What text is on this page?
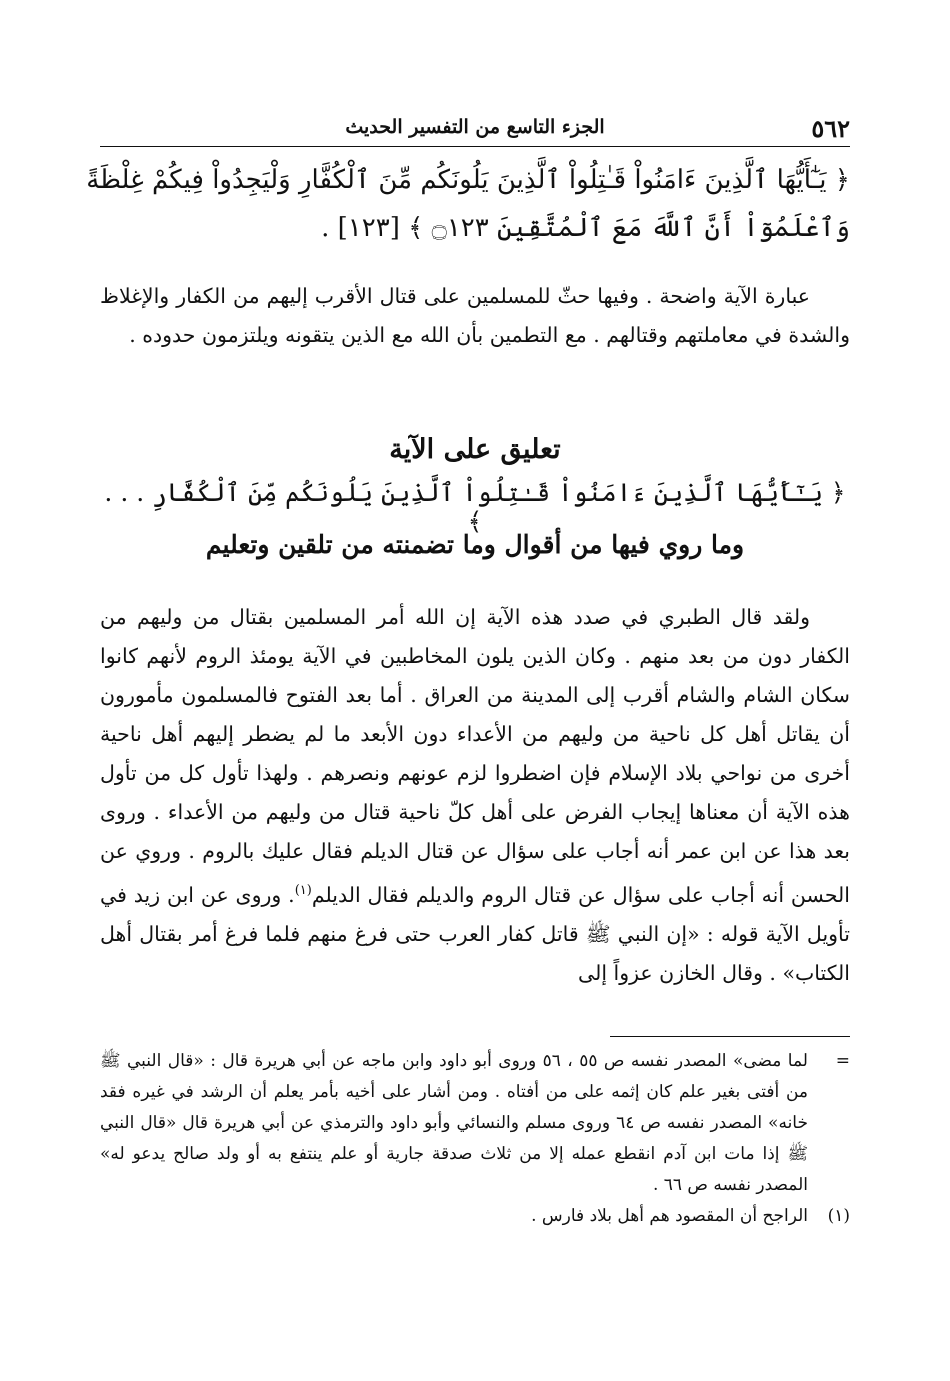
٥٦٢
الجزء التاسع من التفسير الحديث
﴿ يَـٰٓأَيُّهَا ٱلَّذِينَ ءَامَنُواْ قَـٰتِلُواْ ٱلَّذِينَ يَلُونَكُم مِّنَ ٱلْكُفَّارِ وَلْيَجِدُواْ فِيكُمْ غِلْظَةً
وَٱعْلَمُوٓاْ أَنَّ ٱللَّهَ مَعَ ٱلْمُتَّقِينَ ۝١٢٣ ﴾ [١٢٣] .
عبارة الآية واضحة . وفيها حثّ للمسلمين على قتال الأقرب إليهم من الكفار والإغلاظ والشدة في معاملتهم وقتالهم . مع التطمين بأن الله مع الذين يتقونه ويلتزمون حدوده .
تعليق على الآية
﴿ يَـٰٓأَيُّهَا ٱلَّذِينَ ءَامَنُواْ قَـٰتِلُواْ ٱلَّذِينَ يَلُونَكُم مِّنَ ٱلْكُفَّارِ . . . ﴾
وما روي فيها من أقوال وما تضمنته من تلقين وتعليم
ولقد قال الطبري في صدد هذه الآية إن الله أمر المسلمين بقتال من وليهم من الكفار دون من بعد منهم . وكان الذين يلون المخاطبين في الآية يومئذ الروم لأنهم كانوا سكان الشام والشام أقرب إلى المدينة من العراق . أما بعد الفتوح فالمسلمون مأمورون أن يقاتل أهل كل ناحية من وليهم من الأعداء دون الأبعد ما لم يضطر إليهم أهل ناحية أخرى من نواحي بلاد الإسلام فإن اضطروا لزم عونهم ونصرهم . ولهذا تأول كل من تأول هذه الآية أن معناها إيجاب الفرض على أهل كلّ ناحية قتال من وليهم من الأعداء . وروى بعد هذا عن ابن عمر أنه أجاب على سؤال عن قتال الديلم فقال عليك بالروم . وروي عن الحسن أنه أجاب على سؤال عن قتال الروم والديلم فقال الديلم$^{(١)}$. وروى عن ابن زيد في تأويل الآية قوله : «إن النبي ﷺ قاتل كفار العرب حتى فرغ منهم فلما فرغ أمر بقتال أهل الكتاب» . وقال الخازن عزواً إلى
=
لما مضى» المصدر نفسه ص ٥٥ ، ٥٦ وروى أبو داود وابن ماجه عن أبي هريرة قال : «قال النبي ﷺ من أفتى بغير علم كان إثمه على من أفتاه . ومن أشار على أخيه بأمر يعلم أن الرشد في غيره فقد خانه» المصدر نفسه ص ٦٤ وروى مسلم والنسائي وأبو داود والترمذي عن أبي هريرة قال «قال النبي ﷺ إذا مات ابن آدم انقطع عمله إلا من ثلاث صدقة جارية أو علم ينتفع به أو ولد صالح يدعو له» المصدر نفسه ص ٦٦ .
(١)
الراجح أن المقصود هم أهل بلاد فارس .
